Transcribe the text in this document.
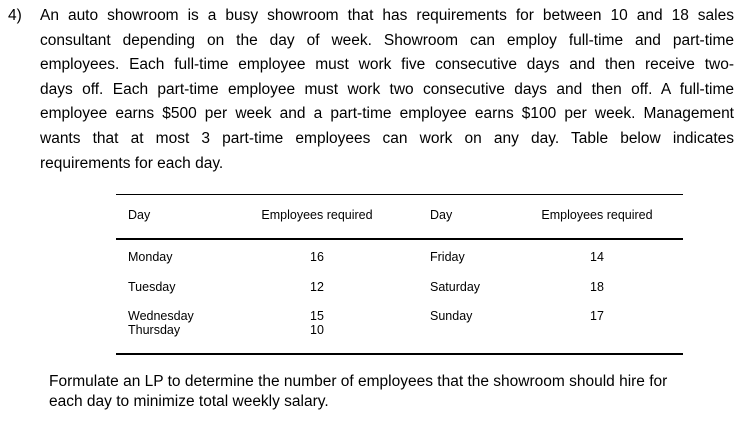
4) An auto showroom is a busy showroom that has requirements for between 10 and 18 sales
consultant depending on the day of week. Showroom can employ full-time and part-time
employees. Each full-time employee must work five consecutive days and then receive two-
days off. Each part-time employee must work two consecutive days and then off. A full-time
employee earns $500 per week and a part-time employee earns $100 per week. Management
wants that at most 3 part-time employees can work on any day. Table below indicates
requirements for each day.
Day	Employees required	Day	Employees required
Monday	16	Friday	14
Tuesday	12	Saturday	18
Wednesday	15	Sunday	17
Thursday	10
Formulate an LP to determine the number of employees that the showroom should hire for
each day to minimize total weekly salary.
